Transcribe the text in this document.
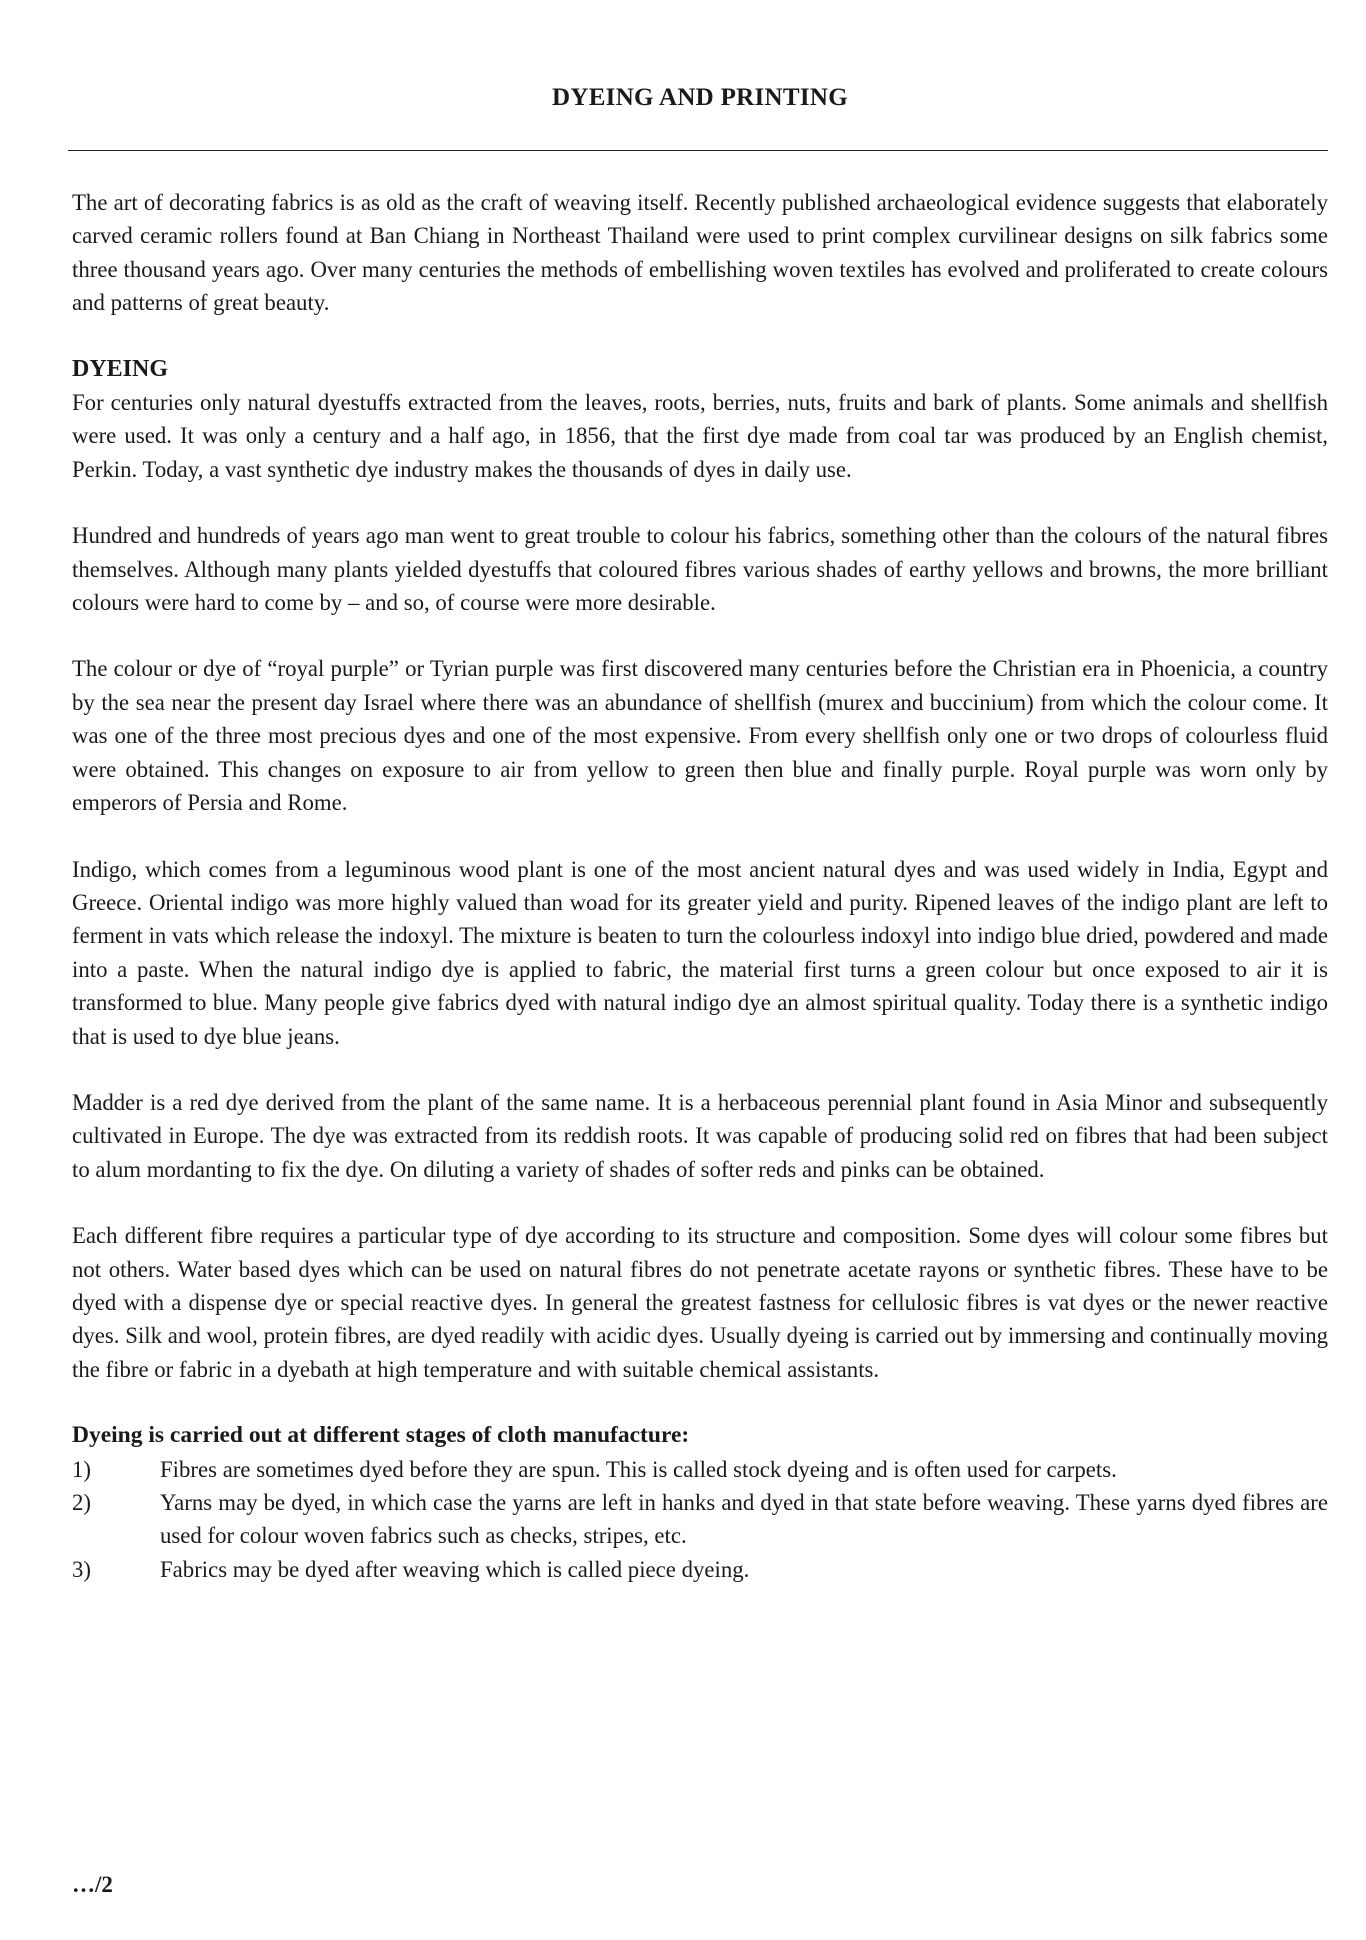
DYEING AND PRINTING

The art of decorating fabrics is as old as the craft of weaving itself. Recently published archaeological evidence suggests that elaborately carved ceramic rollers found at Ban Chiang in Northeast Thailand were used to print complex curvilinear designs on silk fabrics some three thousand years ago. Over many centuries the methods of embellishing woven textiles has evolved and proliferated to create colours and patterns of great beauty.

DYEING

For centuries only natural dyestuffs extracted from the leaves, roots, berries, nuts, fruits and bark of plants. Some animals and shellfish were used. It was only a century and a half ago, in 1856, that the first dye made from coal tar was produced by an English chemist, Perkin. Today, a vast synthetic dye industry makes the thousands of dyes in daily use.

Hundred and hundreds of years ago man went to great trouble to colour his fabrics, something other than the colours of the natural fibres themselves. Although many plants yielded dyestuffs that coloured fibres various shades of earthy yellows and browns, the more brilliant colours were hard to come by – and so, of course were more desirable.

The colour or dye of “royal purple” or Tyrian purple was first discovered many centuries before the Christian era in Phoenicia, a country by the sea near the present day Israel where there was an abundance of shellfish (murex and buccinium) from which the colour come. It was one of the three most precious dyes and one of the most expensive. From every shellfish only one or two drops of colourless fluid were obtained. This changes on exposure to air from yellow to green then blue and finally purple. Royal purple was worn only by emperors of Persia and Rome.

Indigo, which comes from a leguminous wood plant is one of the most ancient natural dyes and was used widely in India, Egypt and Greece. Oriental indigo was more highly valued than woad for its greater yield and purity. Ripened leaves of the indigo plant are left to ferment in vats which release the indoxyl. The mixture is beaten to turn the colourless indoxyl into indigo blue dried, powdered and made into a paste. When the natural indigo dye is applied to fabric, the material first turns a green colour but once exposed to air it is transformed to blue. Many people give fabrics dyed with natural indigo dye an almost spiritual quality. Today there is a synthetic indigo that is used to dye blue jeans.

Madder is a red dye derived from the plant of the same name. It is a herbaceous perennial plant found in Asia Minor and subsequently cultivated in Europe. The dye was extracted from its reddish roots. It was capable of producing solid red on fibres that had been subject to alum mordanting to fix the dye. On diluting a variety of shades of softer reds and pinks can be obtained.

Each different fibre requires a particular type of dye according to its structure and composition. Some dyes will colour some fibres but not others. Water based dyes which can be used on natural fibres do not penetrate acetate rayons or synthetic fibres. These have to be dyed with a dispense dye or special reactive dyes. In general the greatest fastness for cellulosic fibres is vat dyes or the newer reactive dyes. Silk and wool, protein fibres, are dyed readily with acidic dyes. Usually dyeing is carried out by immersing and continually moving the fibre or fabric in a dyebath at high temperature and with suitable chemical assistants.

Dyeing is carried out at different stages of cloth manufacture:
1)	Fibres are sometimes dyed before they are spun. This is called stock dyeing and is often used for carpets.
2)	Yarns may be dyed, in which case the yarns are left in hanks and dyed in that state before weaving. These yarns dyed fibres are used for colour woven fabrics such as checks, stripes, etc.
3)	Fabrics may be dyed after weaving which is called piece dyeing.
…/2
